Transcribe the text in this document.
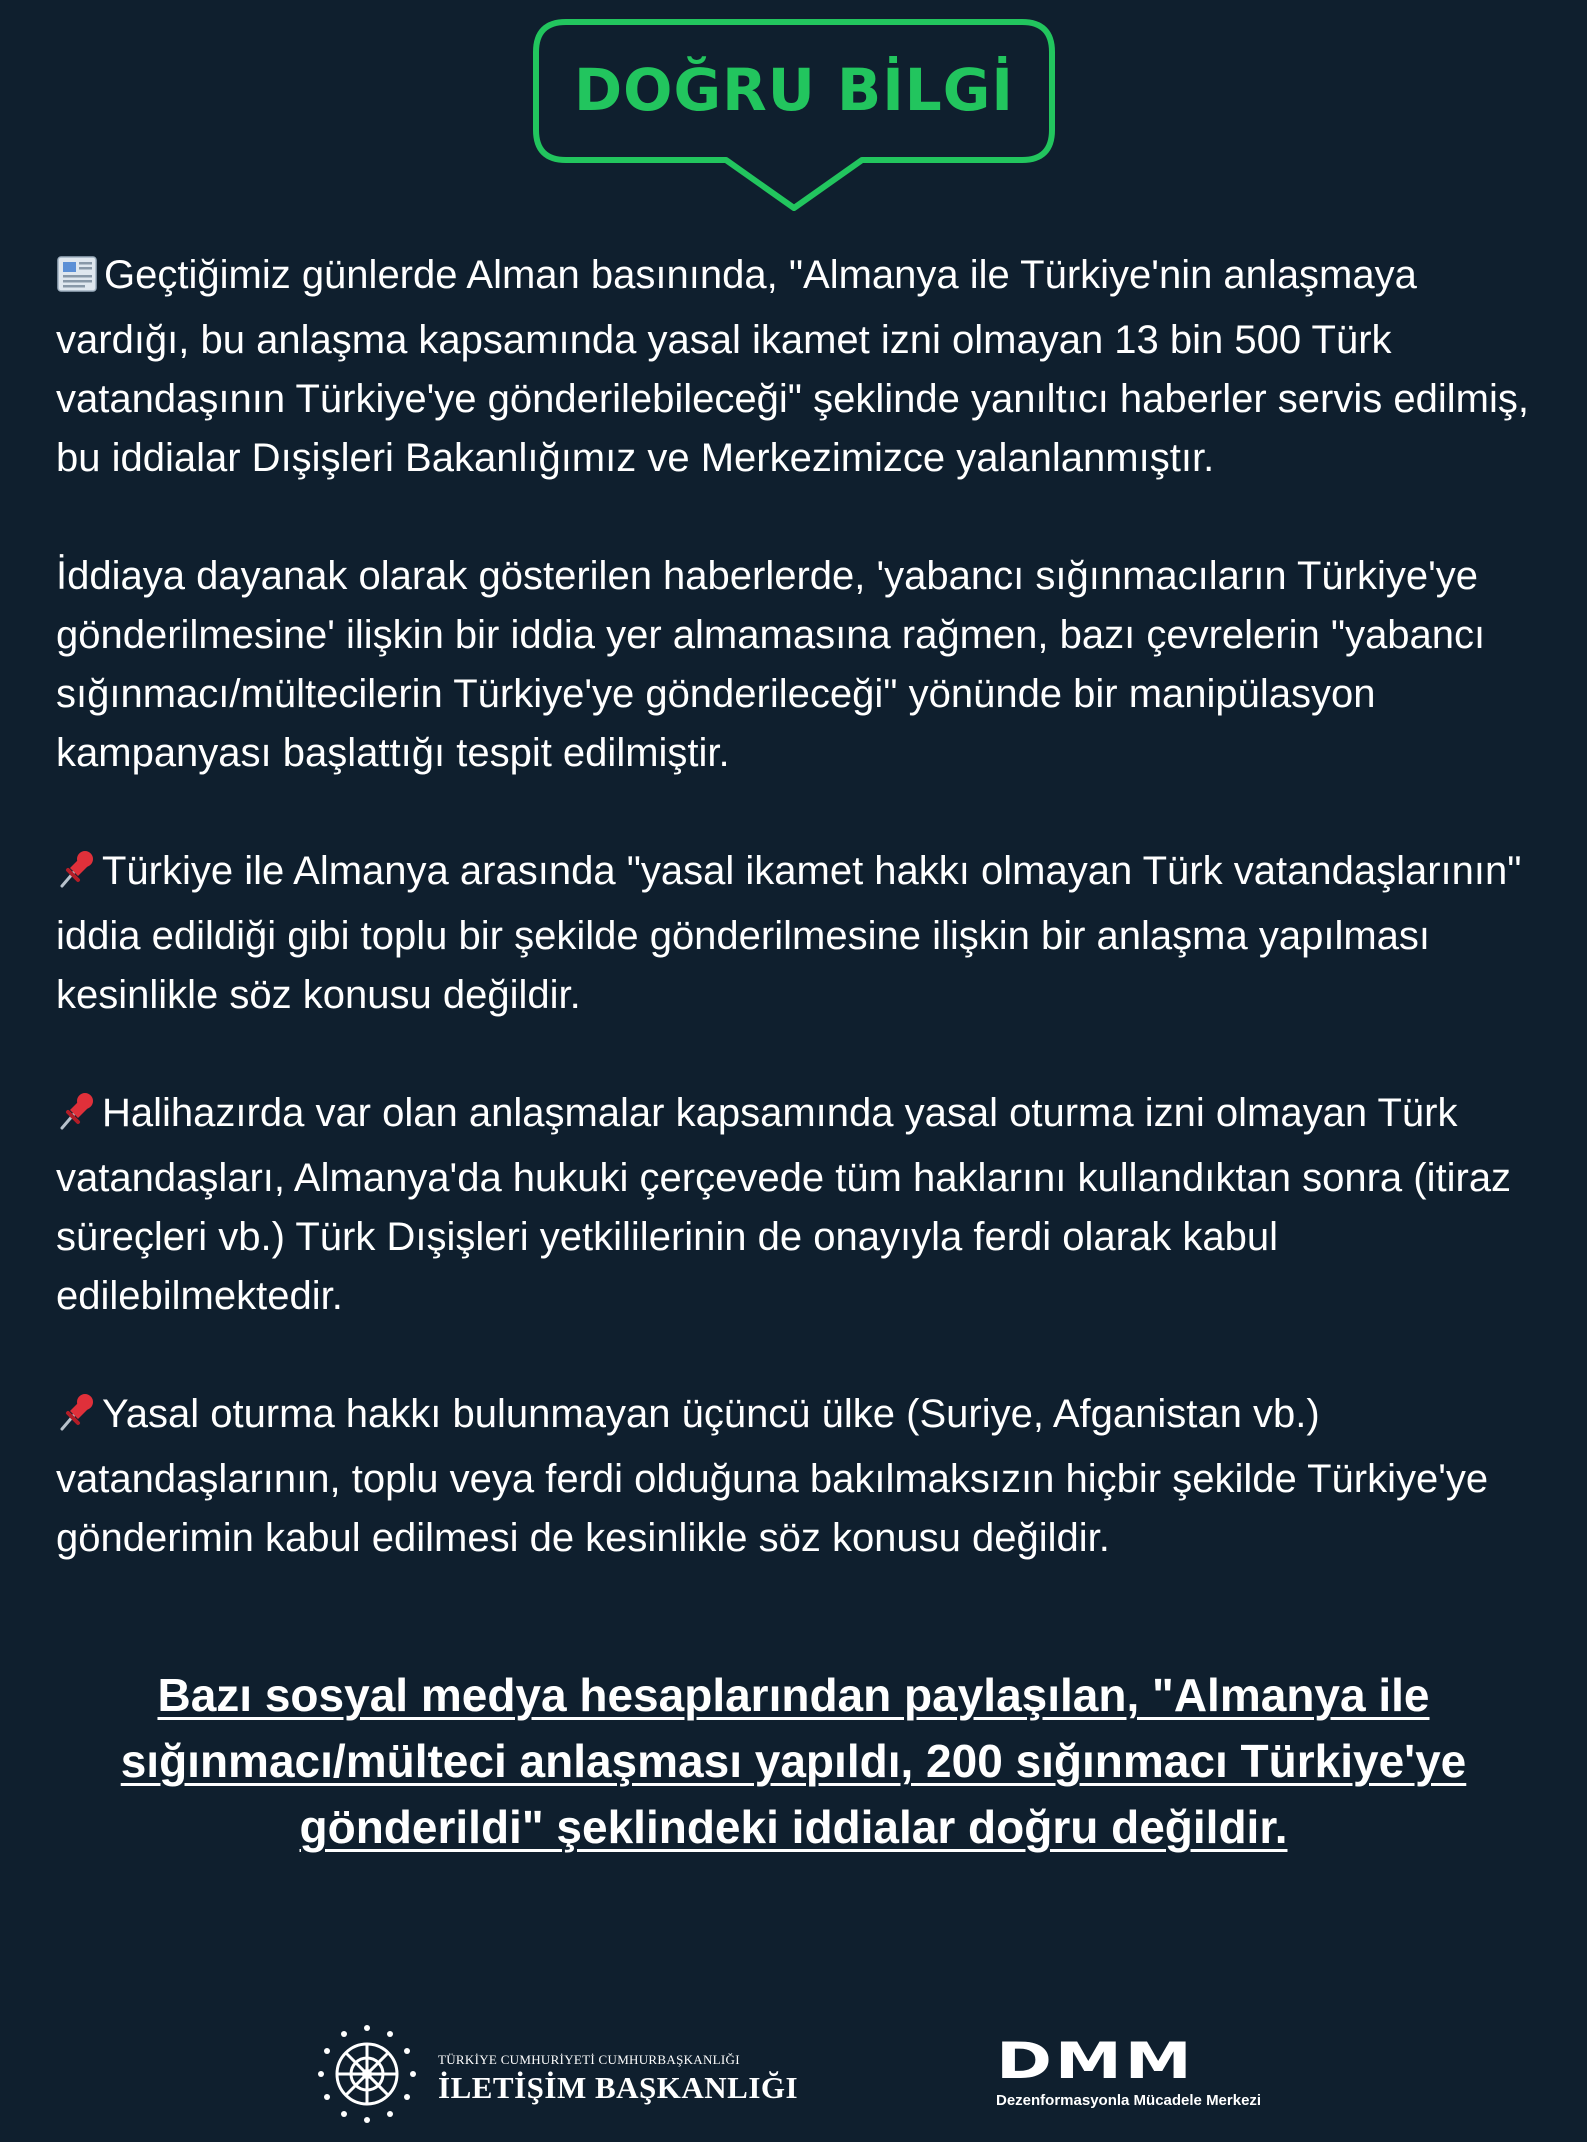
DOĞRU BİLGİ

Geçtiğimiz günlerde Alman basınında, "Almanya ile Türkiye'nin anlaşmaya vardığı, bu anlaşma kapsamında yasal ikamet izni olmayan 13 bin 500 Türk vatandaşının Türkiye'ye gönderilebileceği" şeklinde yanıltıcı haberler servis edilmiş, bu iddialar Dışişleri Bakanlığımız ve Merkezimizce yalanlanmıştır.

İddiaya dayanak olarak gösterilen haberlerde, 'yabancı sığınmacıların Türkiye'ye gönderilmesine' ilişkin bir iddia yer almamasına rağmen, bazı çevrelerin "yabancı sığınmacı/mültecilerin Türkiye'ye gönderileceği" yönünde bir manipülasyon kampanyası başlattığı tespit edilmiştir.

Türkiye ile Almanya arasında "yasal ikamet hakkı olmayan Türk vatandaşlarının" iddia edildiği gibi toplu bir şekilde gönderilmesine ilişkin bir anlaşma yapılması kesinlikle söz konusu değildir.

Halihazırda var olan anlaşmalar kapsamında yasal oturma izni olmayan Türk vatandaşları, Almanya'da hukuki çerçevede tüm haklarını kullandıktan sonra (itiraz süreçleri vb.) Türk Dışişleri yetkililerinin de onayıyla ferdi olarak kabul edilebilmektedir.

Yasal oturma hakkı bulunmayan üçüncü ülke (Suriye, Afganistan vb.) vatandaşlarının, toplu veya ferdi olduğuna bakılmaksızın hiçbir şekilde Türkiye'ye gönderimin kabul edilmesi de kesinlikle söz konusu değildir.

Bazı sosyal medya hesaplarından paylaşılan, "Almanya ile sığınmacı/mülteci anlaşması yapıldı, 200 sığınmacı Türkiye'ye gönderildi" şeklindeki iddialar doğru değildir.
TÜRKİYE CUMHURİYETİ CUMHURBAŞKANLIĞI
İLETİŞİM BAŞKANLIĞI	DMM
Dezenformasyonla Mücadele Merkezi
